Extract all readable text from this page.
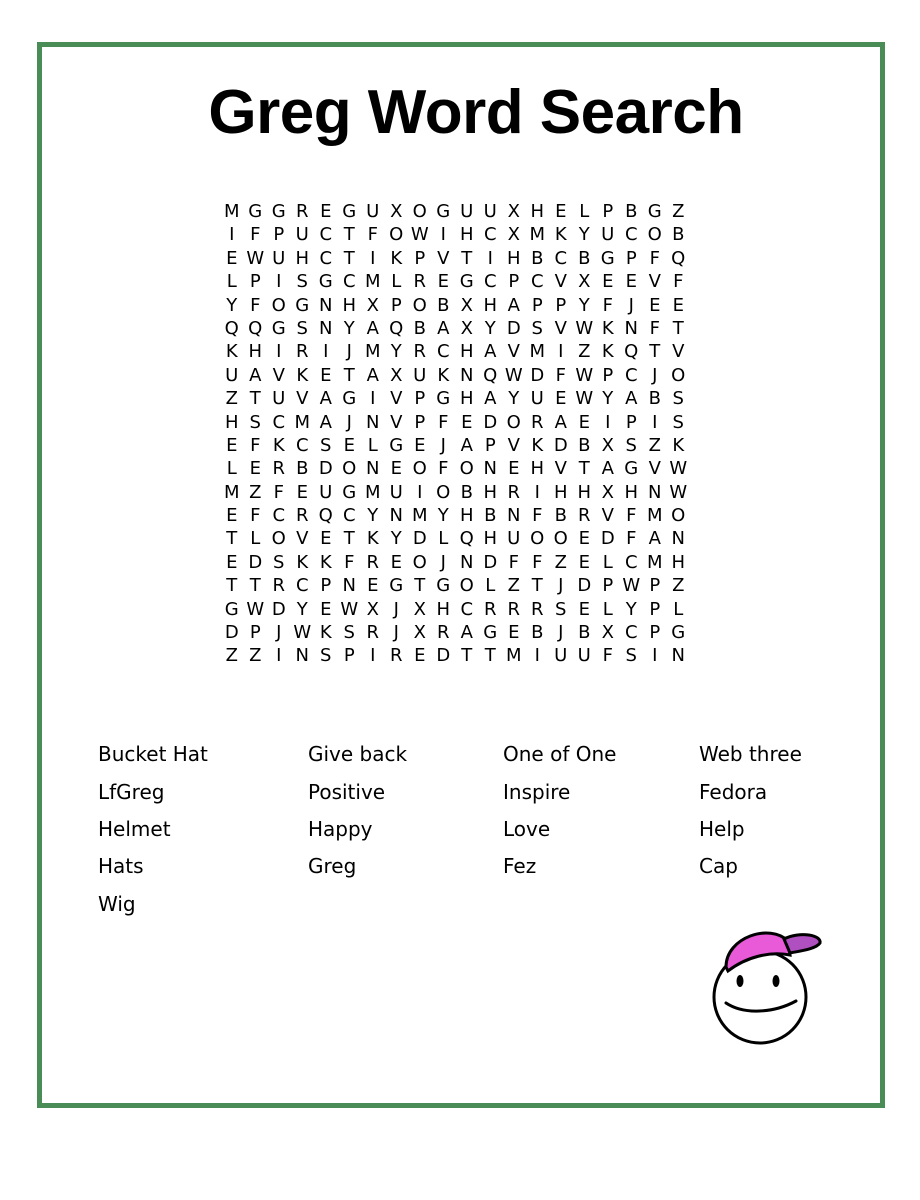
Greg Word Search
M G G R E G U X O G U U X H E L P B G Z
I F P U C T F O W I H C X M K Y U C O B
E W U H C T I K P V T I H B C B G P F Q
L P I S G C M L R E G C P C V X E E V F
Y F O G N H X P O B X H A P P Y F J E E
Q Q G S N Y A Q B A X Y D S V W K N F T
K H I R I	J M Y R C H A V M I Z K Q T V
U A V K E T A X U K N Q W D F W P C J O
Z T U V A G I V P G H A Y U E W Y A B S
H S C M A J N V P F E D O R A E I P I S
E F K C S E L G E J A P V K D B X S Z K
L E R B D O N E O F O N E H V T A G V W
M Z F E U G M U I O B H R I H H X H N W
E F C R Q C Y N M Y H B N F B R V F M O
T L O V E T K Y D L Q H U O O E D F A N
E D S K K F R E O J N D F F Z E L C M H
T T R C P N E G T G O L Z T J D P W P Z
G W D Y E W X J X H C R R R S E L Y P L
D P J W K S R J X R A G E B J B X C P G
Z Z I N S P I R E D T T M I U U F S I N
Bucket Hat
LfGreg
Helmet
Hats
Wig
Give back
Positive
Happy
Greg
One of One
Inspire
Love
Fez
Web three
Fedora
Help
Cap
